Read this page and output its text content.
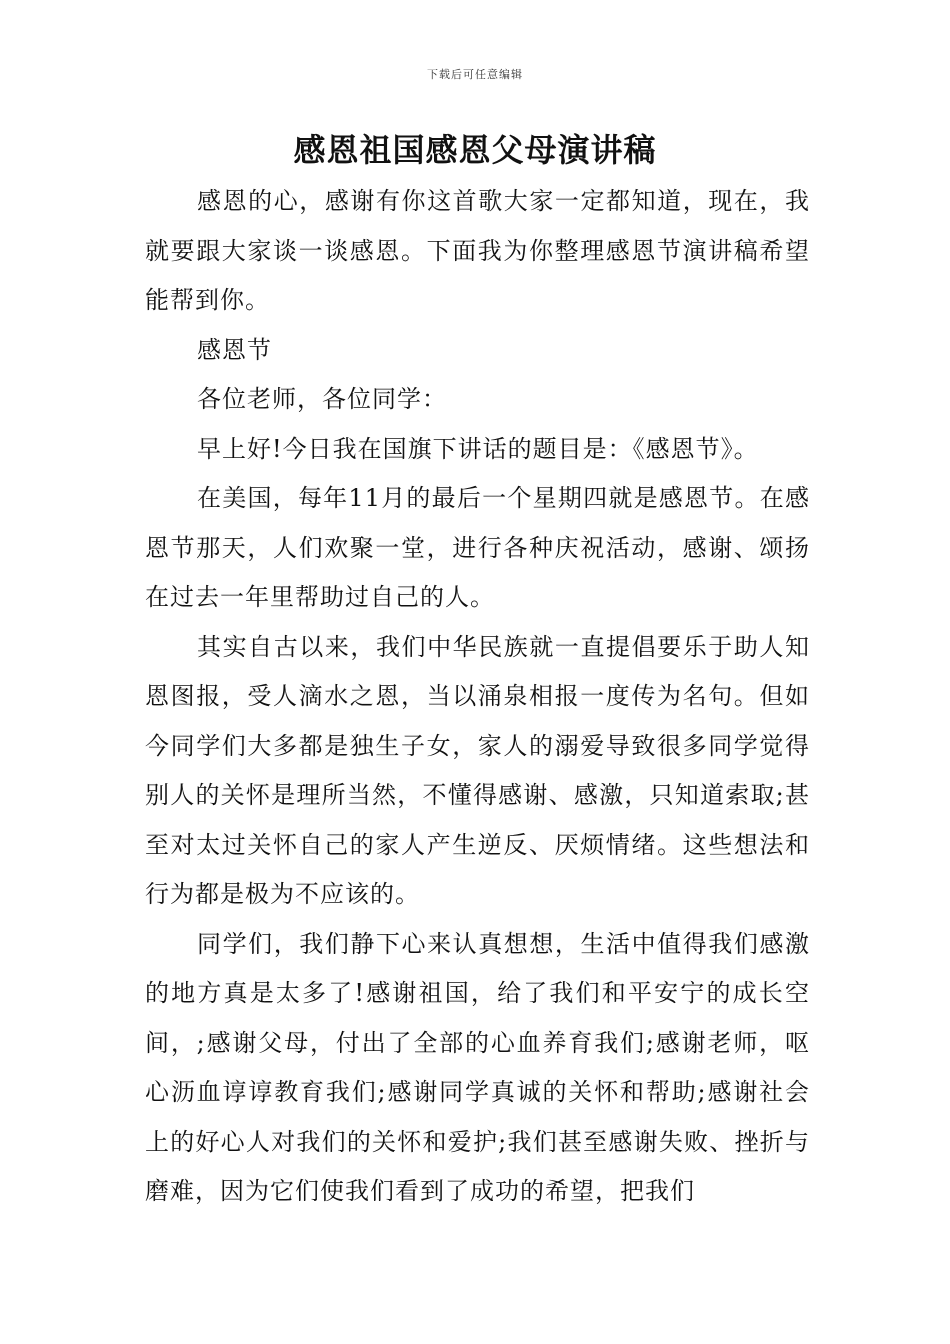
下载后可任意编辑
感恩祖国感恩父母演讲稿

感恩的心，感谢有你这首歌大家一定都知道，现在，我就要跟大家谈一谈感恩。下面我为你整理感恩节演讲稿希望能帮到你。

感恩节

各位老师，各位同学：

早上好!今日我在国旗下讲话的题目是：《感恩节》。

在美国，每年11月的最后一个星期四就是感恩节。在感恩节那天，人们欢聚一堂，进行各种庆祝活动，感谢、颂扬在过去一年里帮助过自己的人。

其实自古以来，我们中华民族就一直提倡要乐于助人知恩图报，受人滴水之恩，当以涌泉相报一度传为名句。但如今同学们大多都是独生子女，家人的溺爱导致很多同学觉得别人的关怀是理所当然，不懂得感谢、感激，只知道索取;甚至对太过关怀自己的家人产生逆反、厌烦情绪。这些想法和行为都是极为不应该的。

同学们，我们静下心来认真想想，生活中值得我们感激的地方真是太多了!感谢祖国，给了我们和平安宁的成长空间，;感谢父母，付出了全部的心血养育我们;感谢老师，呕心沥血谆谆教育我们;感谢同学真诚的关怀和帮助;感谢社会上的好心人对我们的关怀和爱护;我们甚至感谢失败、挫折与磨难，因为它们使我们看到了成功的希望，把我们
